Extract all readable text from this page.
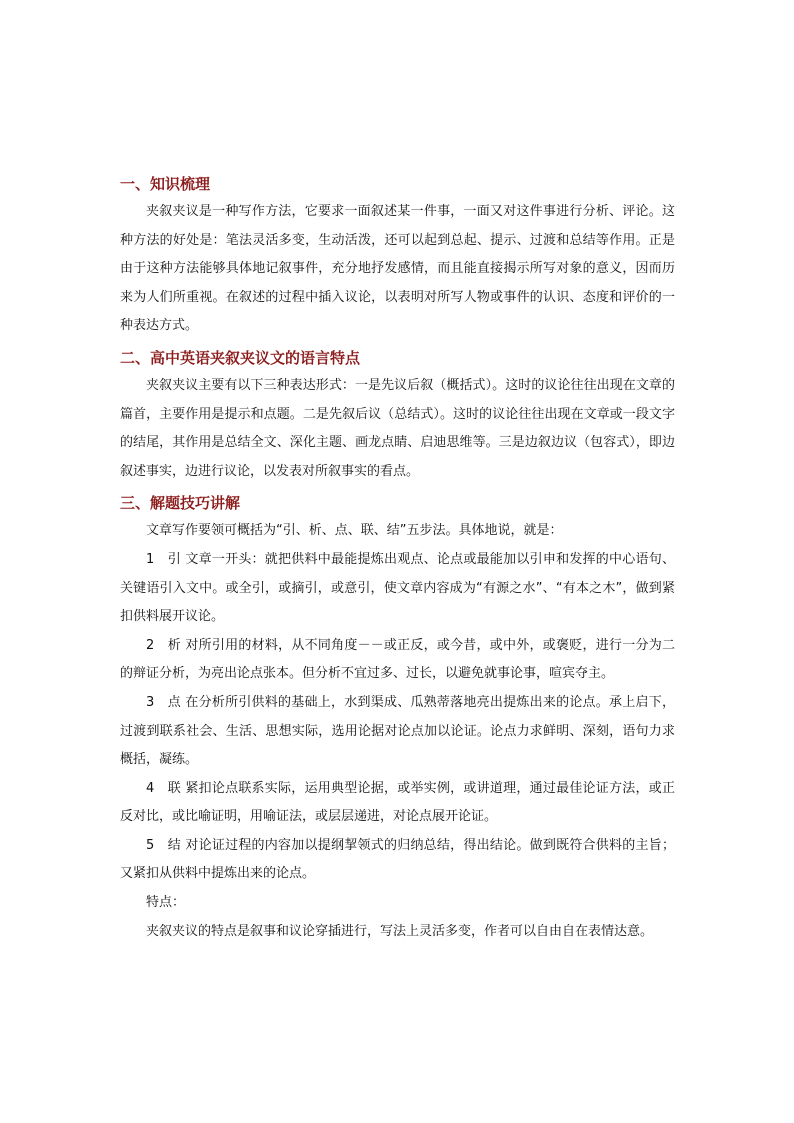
一、知识梳理

夹叙夹议是一种写作方法，它要求一面叙述某一件事，一面又对这件事进行分析、评论。这种方法的好处是：笔法灵活多变，生动活泼，还可以起到总起、提示、过渡和总结等作用。正是由于这种方法能够具体地记叙事件，充分地抒发感情，而且能直接揭示所写对象的意义，因而历来为人们所重视。在叙述的过程中插入议论，以表明对所写人物或事件的认识、态度和评价的一种表达方式。

二、高中英语夹叙夹议文的语言特点

夹叙夹议主要有以下三种表达形式：一是先议后叙（概括式）。这时的议论往往出现在文章的篇首，主要作用是提示和点题。二是先叙后议（总结式）。这时的议论往往出现在文章或一段文字的结尾，其作用是总结全文、深化主题、画龙点睛、启迪思维等。三是边叙边议（包容式），即边叙述事实，边进行议论，以发表对所叙事实的看点。

三、解题技巧讲解

文章写作要领可概括为“引、析、点、联、结”五步法。具体地说，就是：

1　引 文章一开头：就把供料中最能提炼出观点、论点或最能加以引申和发挥的中心语句、关键语引入文中。或全引，或摘引，或意引，使文章内容成为“有源之水”、“有本之木”，做到紧扣供料展开议论。

2　析 对所引用的材料，从不同角度－－或正反，或今昔，或中外，或褒贬，进行一分为二的辩证分析，为亮出论点张本。但分析不宜过多、过长，以避免就事论事，喧宾夺主。

3　点 在分析所引供料的基础上，水到渠成、瓜熟蒂落地亮出提炼出来的论点。承上启下，过渡到联系社会、生活、思想实际，选用论据对论点加以论证。论点力求鲜明、深刻，语句力求概括，凝练。

4　联 紧扣论点联系实际，运用典型论据，或举实例，或讲道理，通过最佳论证方法，或正反对比，或比喻证明，用喻证法，或层层递进，对论点展开论证。

5　结 对论证过程的内容加以提纲挈领式的归纳总结，得出结论。做到既符合供料的主旨；又紧扣从供料中提炼出来的论点。

特点：

夹叙夹议的特点是叙事和议论穿插进行，写法上灵活多变，作者可以自由自在表情达意。
